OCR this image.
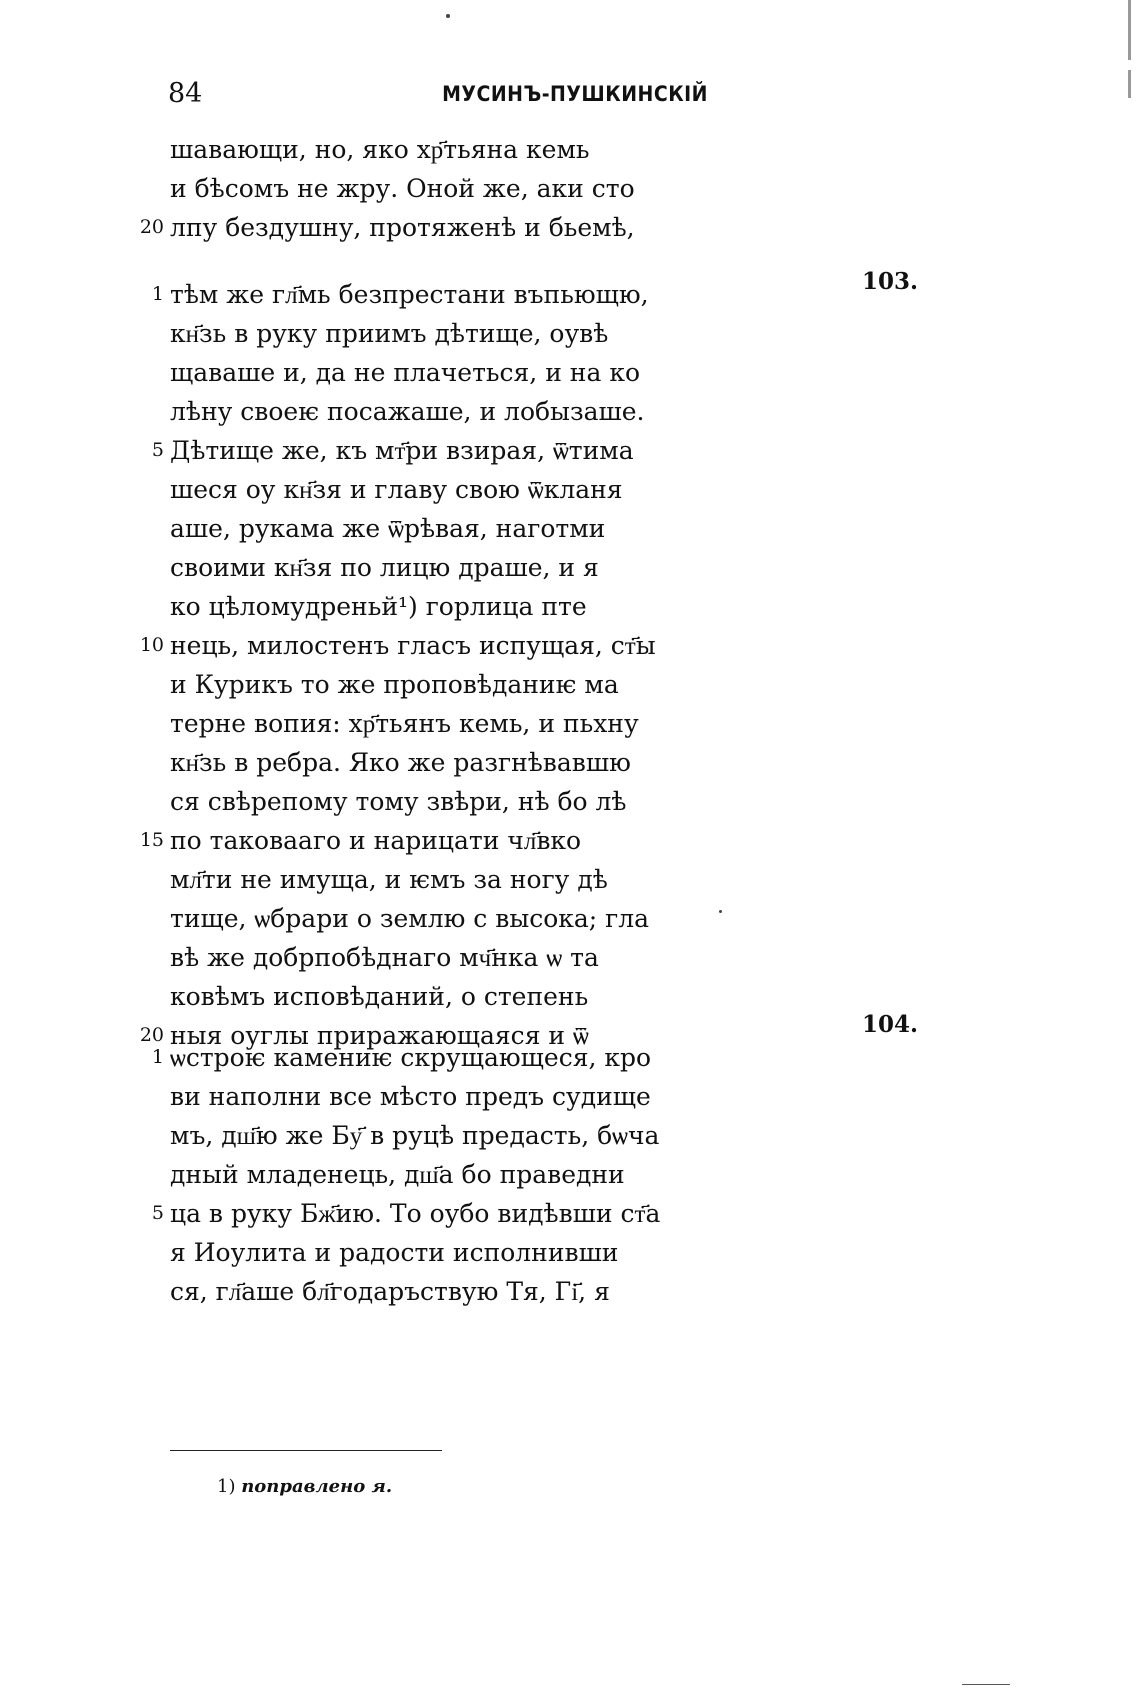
84	МУСИНЪ-ПУШКИНСКІЙ
шавающи, но, яко хр҃тьяна кемь
и бѣсомъ не жру. Оной же, аки сто
20 лпу бездушну, протяженѣ и бьемѣ,
103.
1 тѣм же гл҃мь безпрестани въпьющю,
кн҃зь в руку приимъ дѣтище, оувѣ
щаваше и, да не плачеться, и на ко
лѣну своеѥ посажаше, и лобызаше.
5 Дѣтище же, къ мт҃ри взирая, ѿтима
шеся оу кн҃зя и главу свою ѿкланя
аше, рукама же ѿрѣвая, наготми
своими кн҃зя по лицю драше, и я
ко цѣломудреньй¹) горлица пте
10 нець, милостенъ гласъ испущая, ст҃ы
и Курикъ то же проповѣданиѥ ма
терне вопия: хр҃тьянъ кемь, и пьхну
кн҃зь в ребра. Яко же разгнѣвавшю
ся свѣрепому тому звѣри, нѣ бо лѣ
15 по таковааго и нарицати чл҃вко
мл҃ти не имуща, и ѥмъ за ногу дѣ
тище, ѡбрари о землю с высока; гла
вѣ же добрпобѣднаго мч҃нка ѡ та
ковѣмъ исповѣданий, о степень
20 ныя оуглы приражающаяся и ѿ	104.
1 ѡстроѥ камениѥ скрущающеся, кро
ви наполни все мѣсто предъ судище
мъ, дш҃ю же Бу҃ в руцѣ предасть, бѡча
дный младенець, дш҃а бо праведни
5 ца в руку Бж҃ию. То оубо видѣвши ст҃а
я Иоулита и радости исполнивши
ся, гл҃аше бл҃годаръствую Тя, Гі҃, я
1) поправлено я.
